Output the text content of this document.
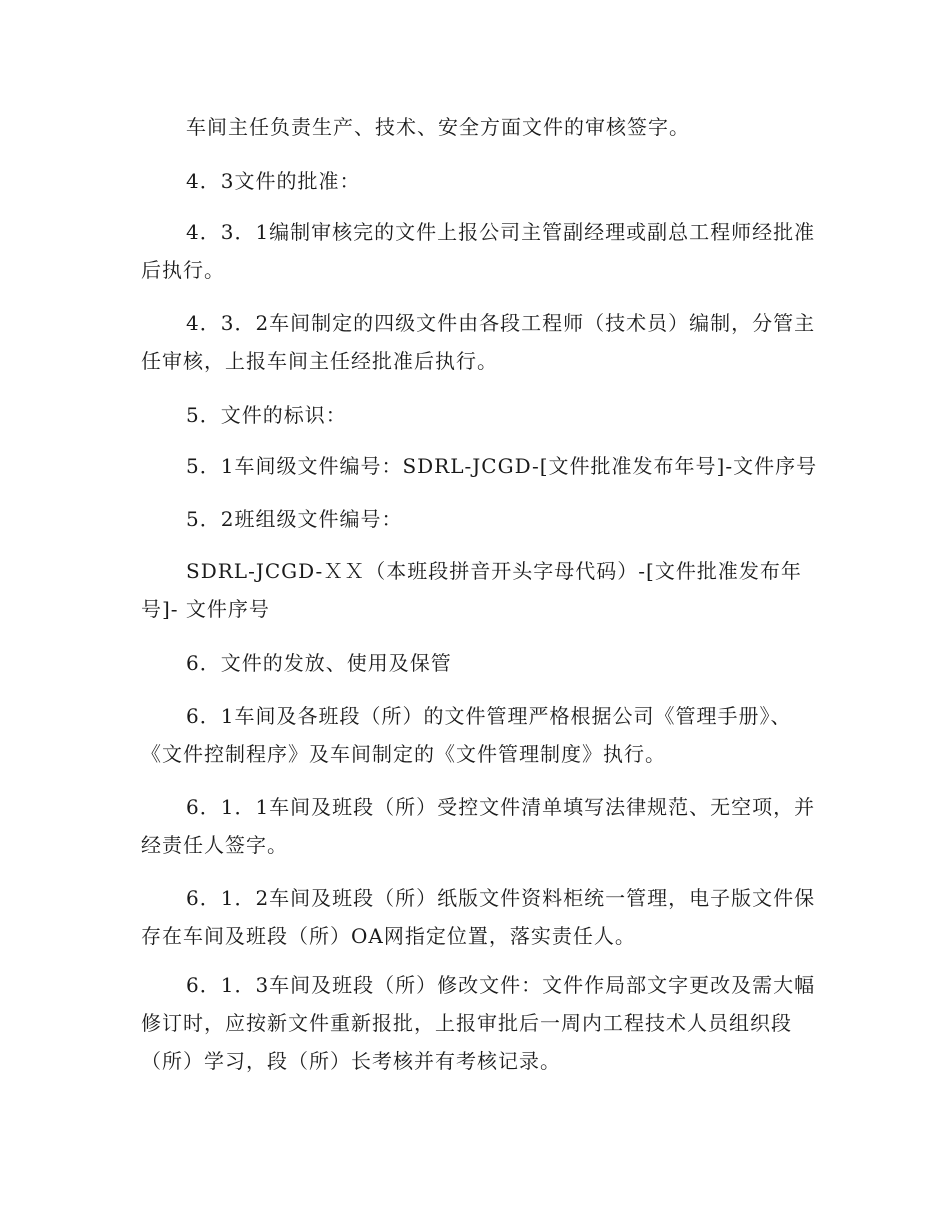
车间主任负责生产、技术、安全方面文件的审核签字。
4．3文件的批准：
4．3．1编制审核完的文件上报公司主管副经理或副总工程师经批准后执行。
4．3．2车间制定的四级文件由各段工程师（技术员）编制，分管主任审核，上报车间主任经批准后执行。
5．文件的标识：
5．1车间级文件编号：SDRL-JCGD-[文件批准发布年号]-文件序号
5．2班组级文件编号：
SDRL-JCGD-ＸＸ（本班段拼音开头字母代码）-[文件批准发布年号]- 文件序号
6．文件的发放、使用及保管
6．1车间及各班段（所）的文件管理严格根据公司《管理手册》、《文件控制程序》及车间制定的《文件管理制度》执行。
6．1．1车间及班段（所）受控文件清单填写法律规范、无空项，并经责任人签字。
6．1．2车间及班段（所）纸版文件资料柜统一管理，电子版文件保存在车间及班段（所）OA网指定位置，落实责任人。
6．1．3车间及班段（所）修改文件：文件作局部文字更改及需大幅修订时，应按新文件重新报批，上报审批后一周内工程技术人员组织段（所）学习，段（所）长考核并有考核记录。
